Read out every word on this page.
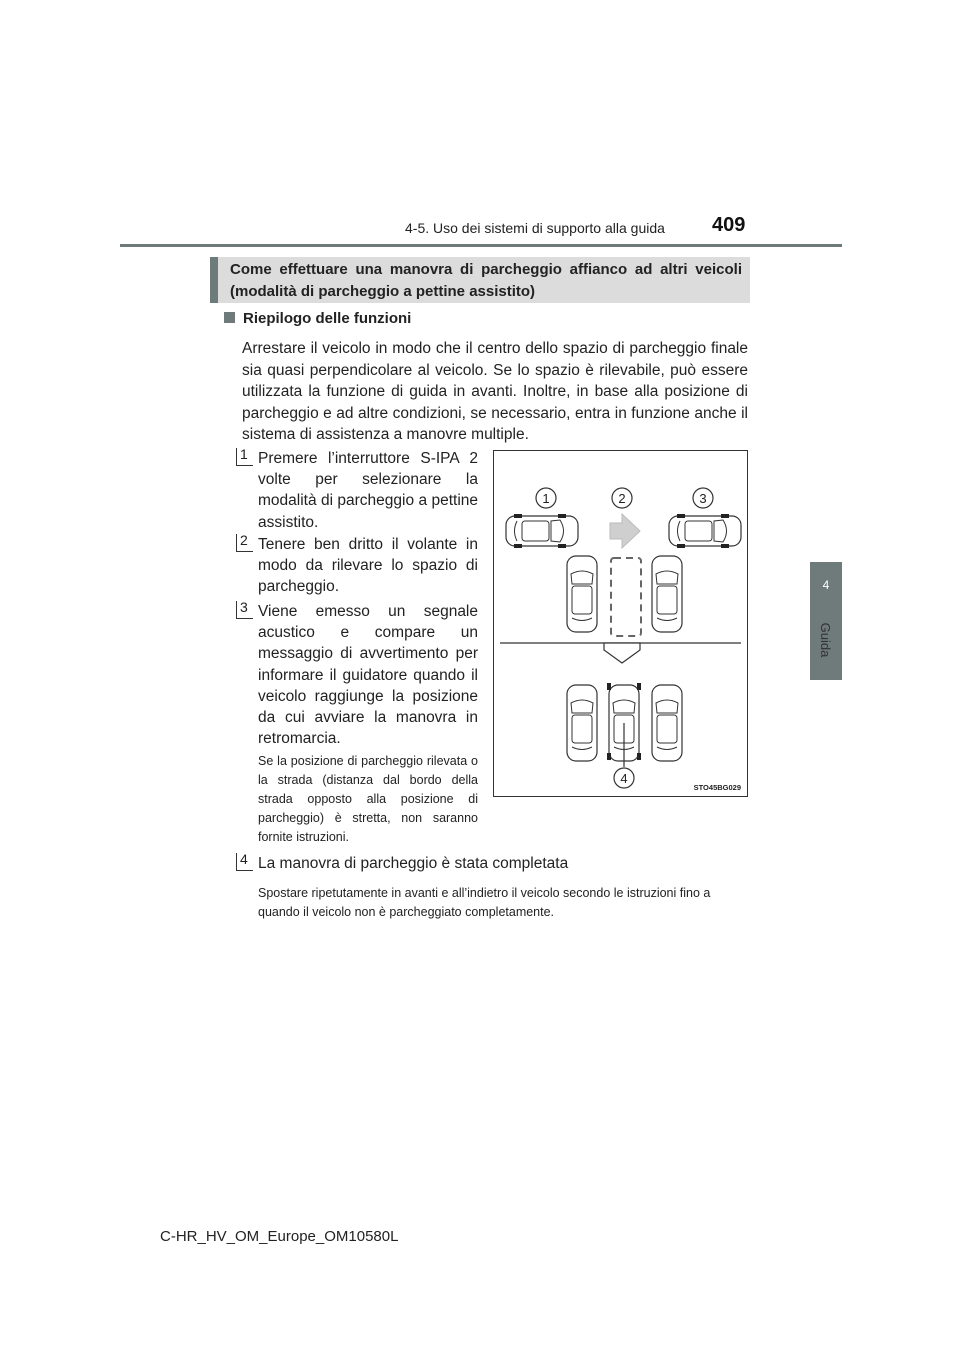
4-5. Uso dei sistemi di supporto alla guida 409
4
Guida
Come effettuare una manovra di parcheggio affianco ad altri veicoli (modalità di parcheggio a pettine assistito)
Riepilogo delle funzioni
Arrestare il veicolo in modo che il centro dello spazio di parcheggio finale sia quasi perpendicolare al veicolo. Se lo spazio è rilevabile, può essere utilizzata la funzione di guida in avanti. Inoltre, in base alla posizione di parcheggio e ad altre condizioni, se necessario, entra in funzione anche il sistema di assistenza a manovre multiple.
1 Premere l’interruttore S-IPA 2 volte per selezionare la modalità di parcheggio a pettine assistito.
2 Tenere ben dritto il volante in modo da rilevare lo spazio di parcheggio.
3 Viene emesso un segnale acustico e compare un messaggio di avvertimento per informare il guidatore quando il veicolo raggiunge la posizione da cui avviare la manovra in retromarcia.
Se la posizione di parcheggio rilevata o la strada (distanza dal bordo della strada opposto alla posizione di parcheggio) è stretta, non saranno fornite istruzioni.
4 La manovra di parcheggio è stata completata
Spostare ripetutamente in avanti e all’indietro il veicolo secondo le istruzioni fino a quando il veicolo non è parcheggiato completamente.
1	2	3
4
STO45BG029
C-HR_HV_OM_Europe_OM10580L
